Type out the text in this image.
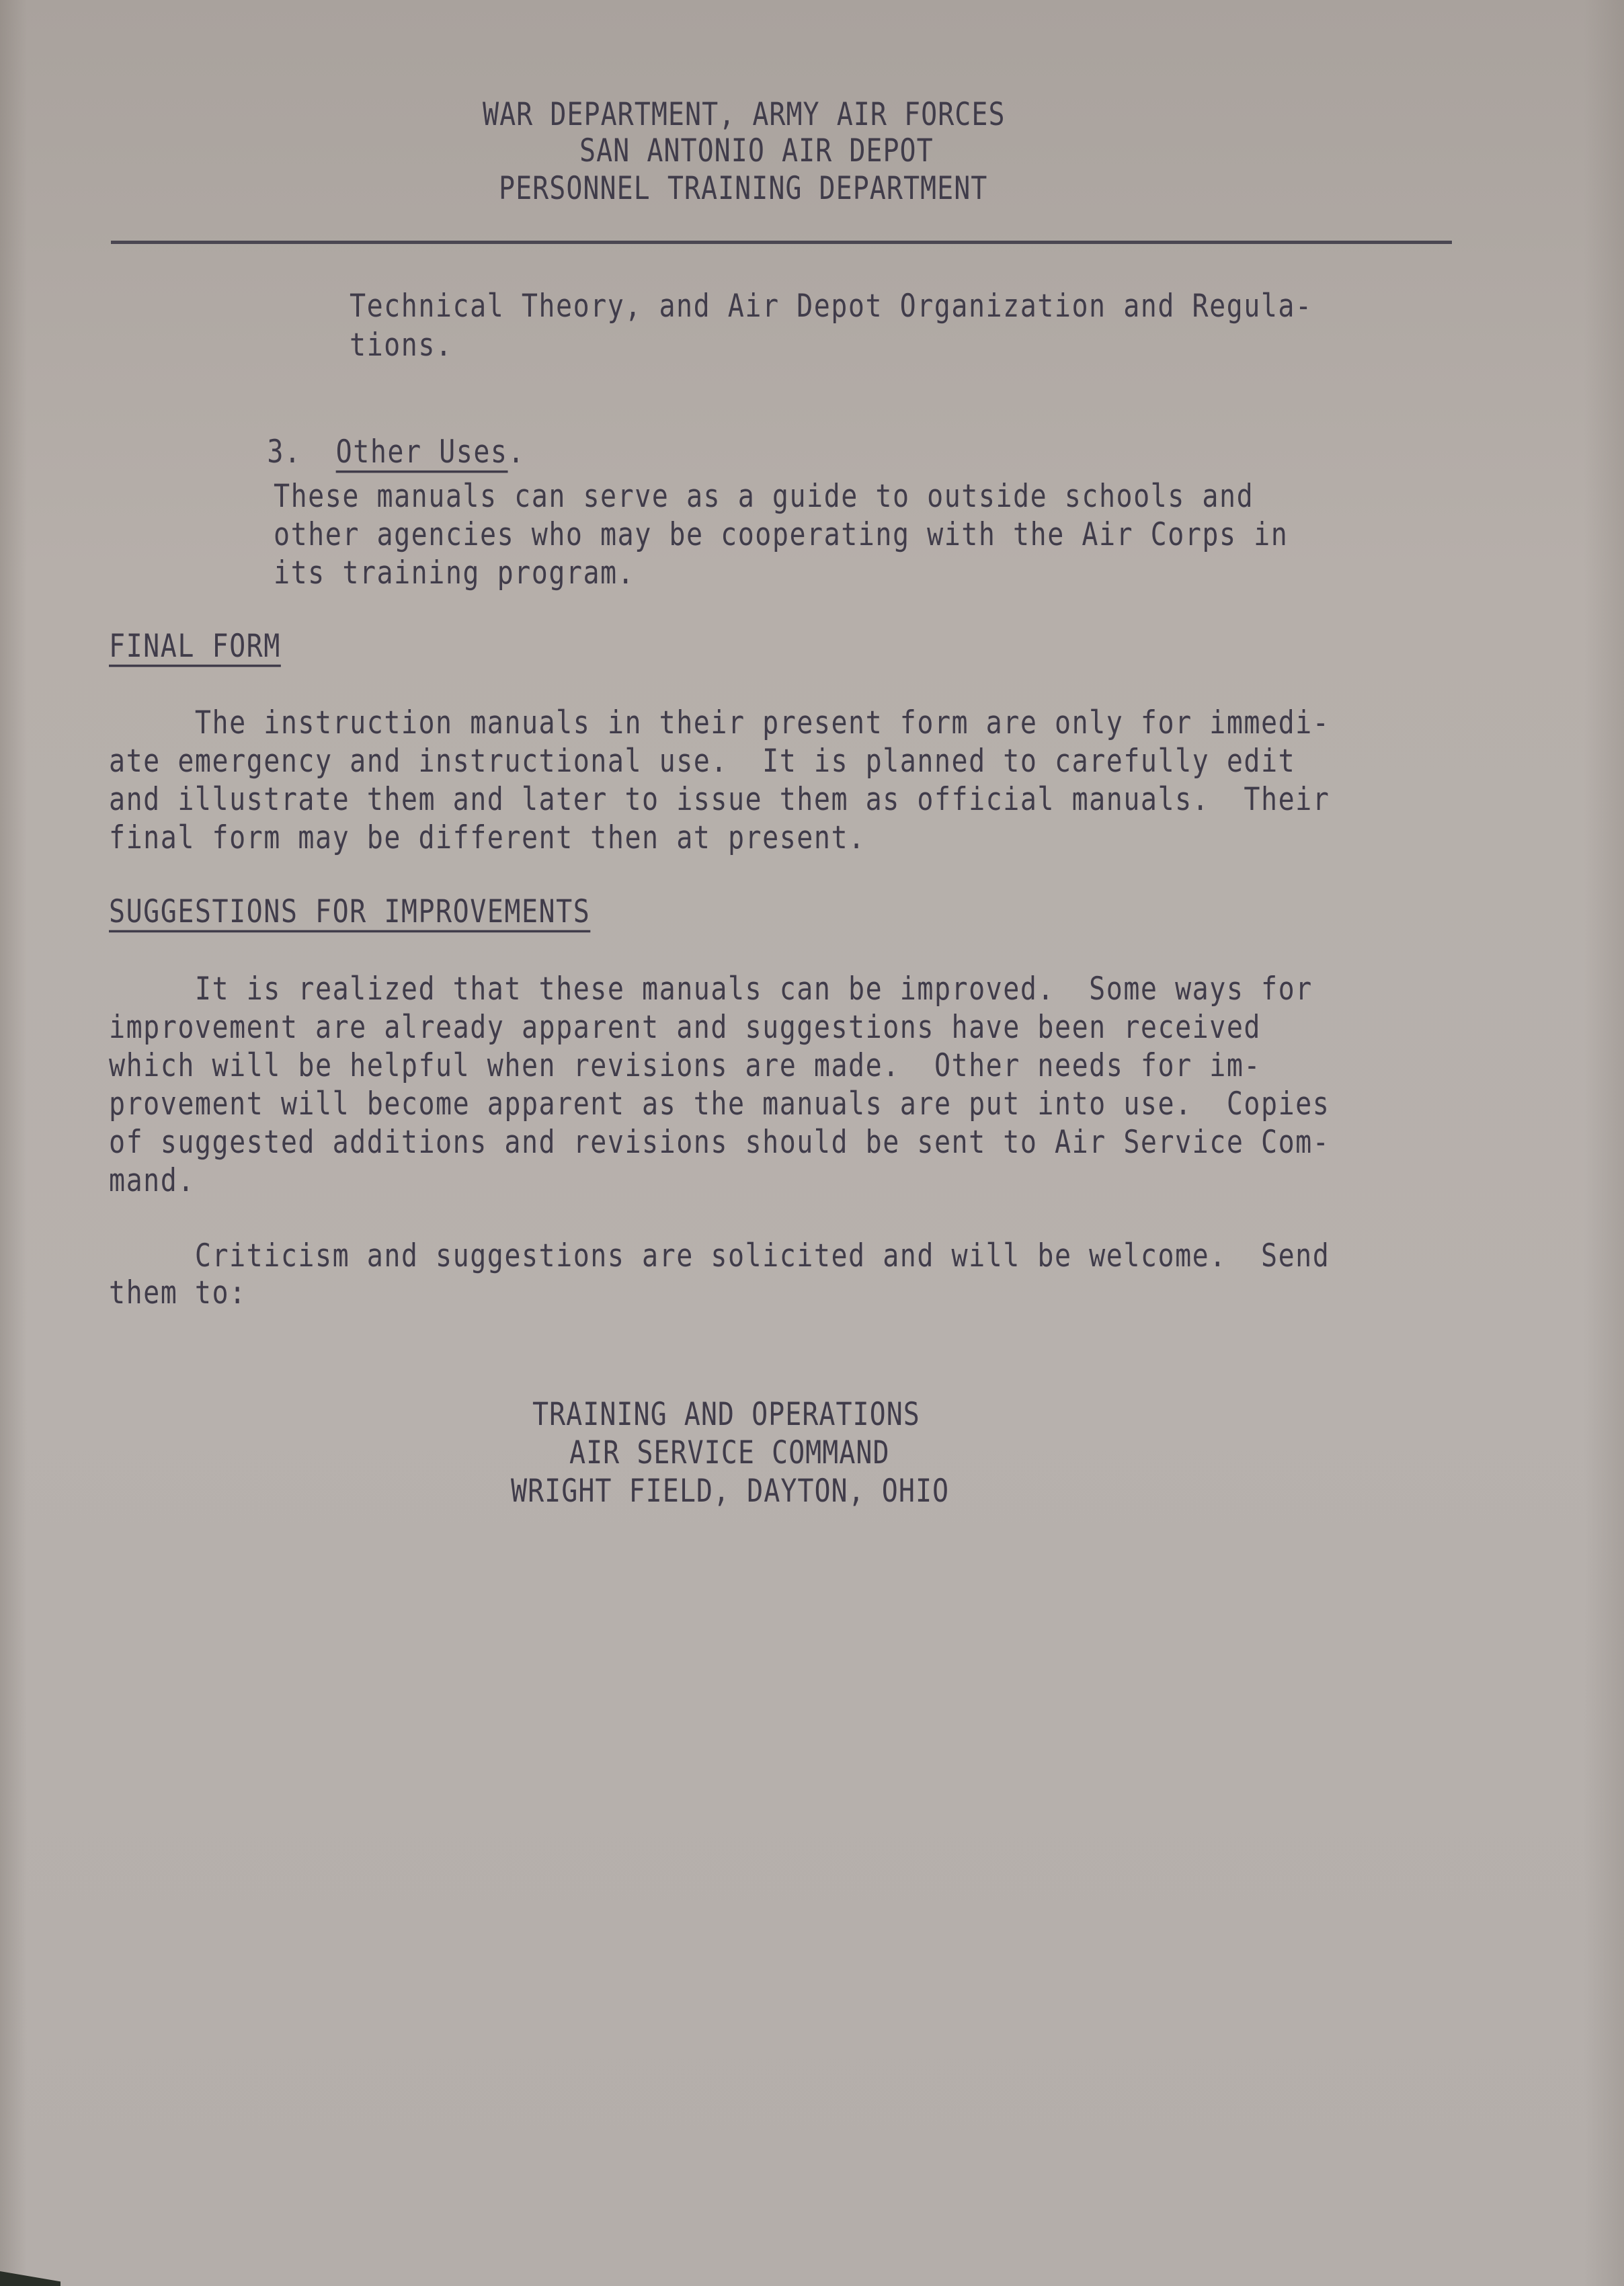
WAR DEPARTMENT, ARMY AIR FORCES
SAN ANTONIO AIR DEPOT
PERSONNEL TRAINING DEPARTMENT
Technical Theory, and Air Depot Organization and Regula-
tions.

3. Other Uses.

These manuals can serve as a guide to outside schools and
other agencies who may be cooperating with the Air Corps in
its training program.
FINAL FORM
The instruction manuals in their present form are only for immedi-
ate emergency and instructional use.  It is planned to carefully edit
and illustrate them and later to issue them as official manuals.  Their
final form may be different then at present.
SUGGESTIONS FOR IMPROVEMENTS
It is realized that these manuals can be improved.  Some ways for
improvement are already apparent and suggestions have been received
which will be helpful when revisions are made.  Other needs for im-
provement will become apparent as the manuals are put into use.  Copies
of suggested additions and revisions should be sent to Air Service Com-
mand.
Criticism and suggestions are solicited and will be welcome.  Send
them to:
TRAINING AND OPERATIONS
AIR SERVICE COMMAND
WRIGHT FIELD, DAYTON, OHIO
